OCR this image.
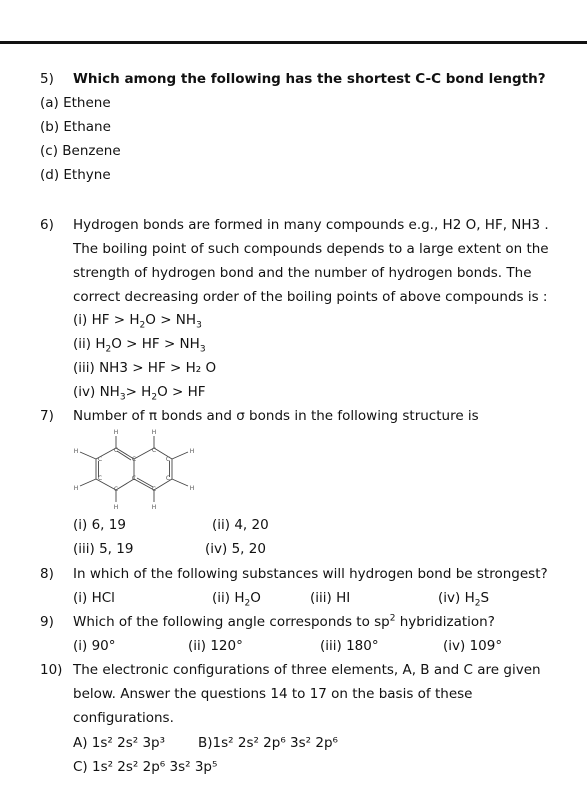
5) Which among the following has the shortest C-C bond length?
(a) Ethene
(b) Ethane
(c) Benzene
(d) Ethyne
6) Hydrogen bonds are formed in many compounds e.g., H2 O, HF, NH3 .
The boiling point of such compounds depends to a large extent on the
strength of hydrogen bond and the number of hydrogen bonds. The
correct decreasing order of the boiling points of above compounds is :
(i) HF > $H_2O > NH_3$
(ii) $H_2O$ > HF > $NH_3$
(iii) NH3 > HF > H₂ O
(iv) $NH_3> H_2O$ > HF
7) Number of π bonds and σ bonds in the following structure is
H	H
H
H
H	H
H
H
C	C
C
C
C
C
C
C
C
C
(i) 6, 19	(ii) 4, 20
(iii) 5, 19	(iv) 5, 20
8) In which of the following substances will hydrogen bond be strongest?
(i) HCl	(ii) $H_2O$	(iii) HI	(iv) $H_2S$
9) Which of the following angle corresponds to $sp^2$ hybridization?
(i) 90°	(ii) 120°	(iii) 180°	(iv) 109°
10) The electronic configurations of three elements, A, B and C are given
below. Answer the questions 14 to 17 on the basis of these
configurations.
A) 1s² 2s² 3p³ B)1s² 2s² 2p⁶ 3s² 2p⁶
C) 1s² 2s² 2p⁶ 3s² 3p⁵
